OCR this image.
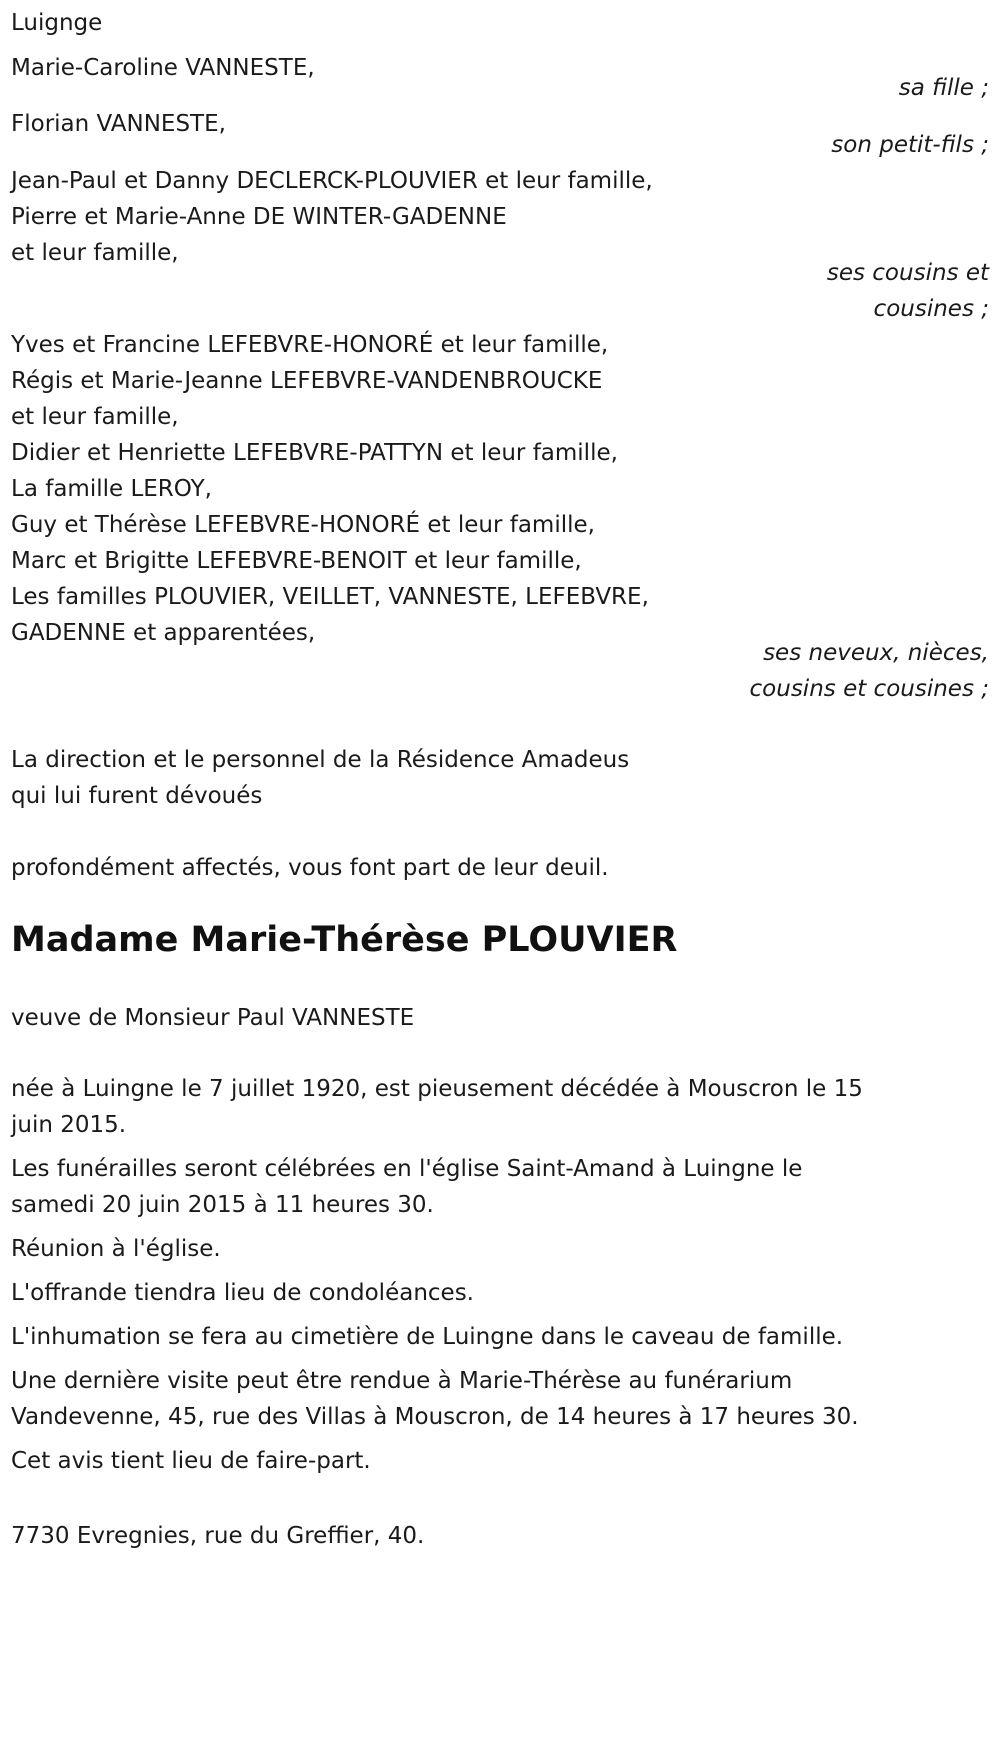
Luignge
Marie-Caroline VANNESTE,
sa fille ;
Florian VANNESTE,
son petit-fils ;
Jean-Paul et Danny DECLERCK-PLOUVIER et leur famille,
Pierre et Marie-Anne DE WINTER-GADENNE
et leur famille,
ses cousins et cousines ;
Yves et Francine LEFEBVRE-HONORÉ et leur famille,
Régis et Marie-Jeanne LEFEBVRE-VANDENBROUCKE
et leur famille,
Didier et Henriette LEFEBVRE-PATTYN et leur famille,
La famille LEROY,
Guy et Thérèse LEFEBVRE-HONORÉ et leur famille,
Marc et Brigitte LEFEBVRE-BENOIT et leur famille,
Les familles PLOUVIER, VEILLET, VANNESTE, LEFEBVRE,
GADENNE et apparentées,
ses neveux, nièces, cousins et cousines ;
La direction et le personnel de la Résidence Amadeus
qui lui furent dévoués
profondément affectés, vous font part de leur deuil.
Madame Marie-Thérèse PLOUVIER
veuve de Monsieur Paul VANNESTE
née à Luingne le 7 juillet 1920, est pieusement décédée à Mouscron le 15 juin 2015.
Les funérailles seront célébrées en l'église Saint-Amand à Luingne le samedi 20 juin 2015 à 11 heures 30.
Réunion à l'église.
L'offrande tiendra lieu de condoléances.
L'inhumation se fera au cimetière de Luingne dans le caveau de famille.
Une dernière visite peut être rendue à Marie-Thérèse au funérarium Vandevenne, 45, rue des Villas à Mouscron, de 14 heures à 17 heures 30.
Cet avis tient lieu de faire-part.
7730 Evregnies, rue du Greffier, 40.
